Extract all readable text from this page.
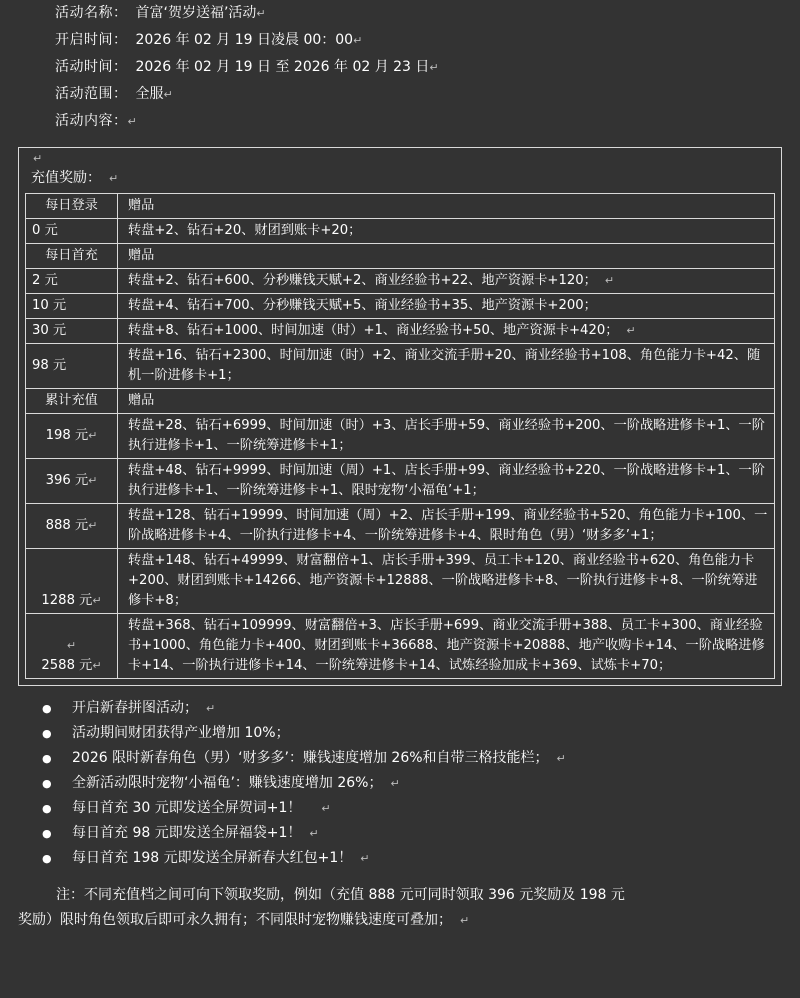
活动名称： 首富‘贺岁送福’活动↵
开启时间： 2026 年 02 月 19 日凌晨 00：00↵
活动时间： 2026 年 02 月 19 日 至 2026 年 02 月 23 日↵
活动范围： 全服↵
活动内容：↵
↵
充值奖励： ↵
每日登录	赠品
0 元	转盘+2、钻石+20、财团到账卡+20；
每日首充	赠品
2 元	转盘+2、钻石+600、分秒赚钱天赋+2、商业经验书+22、地产资源卡+120； ↵
10 元	转盘+4、钻石+700、分秒赚钱天赋+5、商业经验书+35、地产资源卡+200；
30 元	转盘+8、钻石+1000、时间加速（时）+1、商业经验书+50、地产资源卡+420； ↵
98 元	转盘+16、钻石+2300、时间加速（时）+2、商业交流手册+20、商业经验书+108、角色能力卡+42、随机一阶进修卡+1；
累计充值	赠品
198 元↵	转盘+28、钻石+6999、时间加速（时）+3、店长手册+59、商业经验书+200、一阶战略进修卡+1、一阶执行进修卡+1、一阶统筹进修卡+1；
396 元↵	转盘+48、钻石+9999、时间加速（周）+1、店长手册+99、商业经验书+220、一阶战略进修卡+1、一阶执行进修卡+1、一阶统筹进修卡+1、限时宠物‘小福龟’+1；
888 元↵	转盘+128、钻石+19999、时间加速（周）+2、店长手册+199、商业经验书+520、角色能力卡+100、一阶战略进修卡+4、一阶执行进修卡+4、一阶统筹进修卡+4、限时角色（男）‘财多多’+1；
1288 元↵	转盘+148、钻石+49999、财富翻倍+1、店长手册+399、员工卡+120、商业经验书+620、角色能力卡+200、财团到账卡+14266、地产资源卡+12888、一阶战略进修卡+8、一阶执行进修卡+8、一阶统筹进修卡+8；
↵
2588 元↵	转盘+368、钻石+109999、财富翻倍+3、店长手册+699、商业交流手册+388、员工卡+300、商业经验书+1000、角色能力卡+400、财团到账卡+36688、地产资源卡+20888、地产收购卡+14、一阶战略进修卡+14、一阶执行进修卡+14、一阶统筹进修卡+14、试炼经验加成卡+369、试炼卡+70；
● 开启新春拼图活动； ↵
● 活动期间财团获得产业增加 10%；
● 2026 限时新春角色（男）‘财多多’：赚钱速度增加 26%和自带三格技能栏； ↵
● 全新活动限时宠物‘小福龟’：赚钱速度增加 26%； ↵
● 每日首充 30 元即发送全屏贺词+1！ ↵
● 每日首充 98 元即发送全屏福袋+1！ ↵
● 每日首充 198 元即发送全屏新春大红包+1！ ↵
注：不同充值档之间可向下领取奖励，例如（充值 888 元可同时领取 396 元奖励及 198 元
奖励）限时角色领取后即可永久拥有；不同限时宠物赚钱速度可叠加； ↵
